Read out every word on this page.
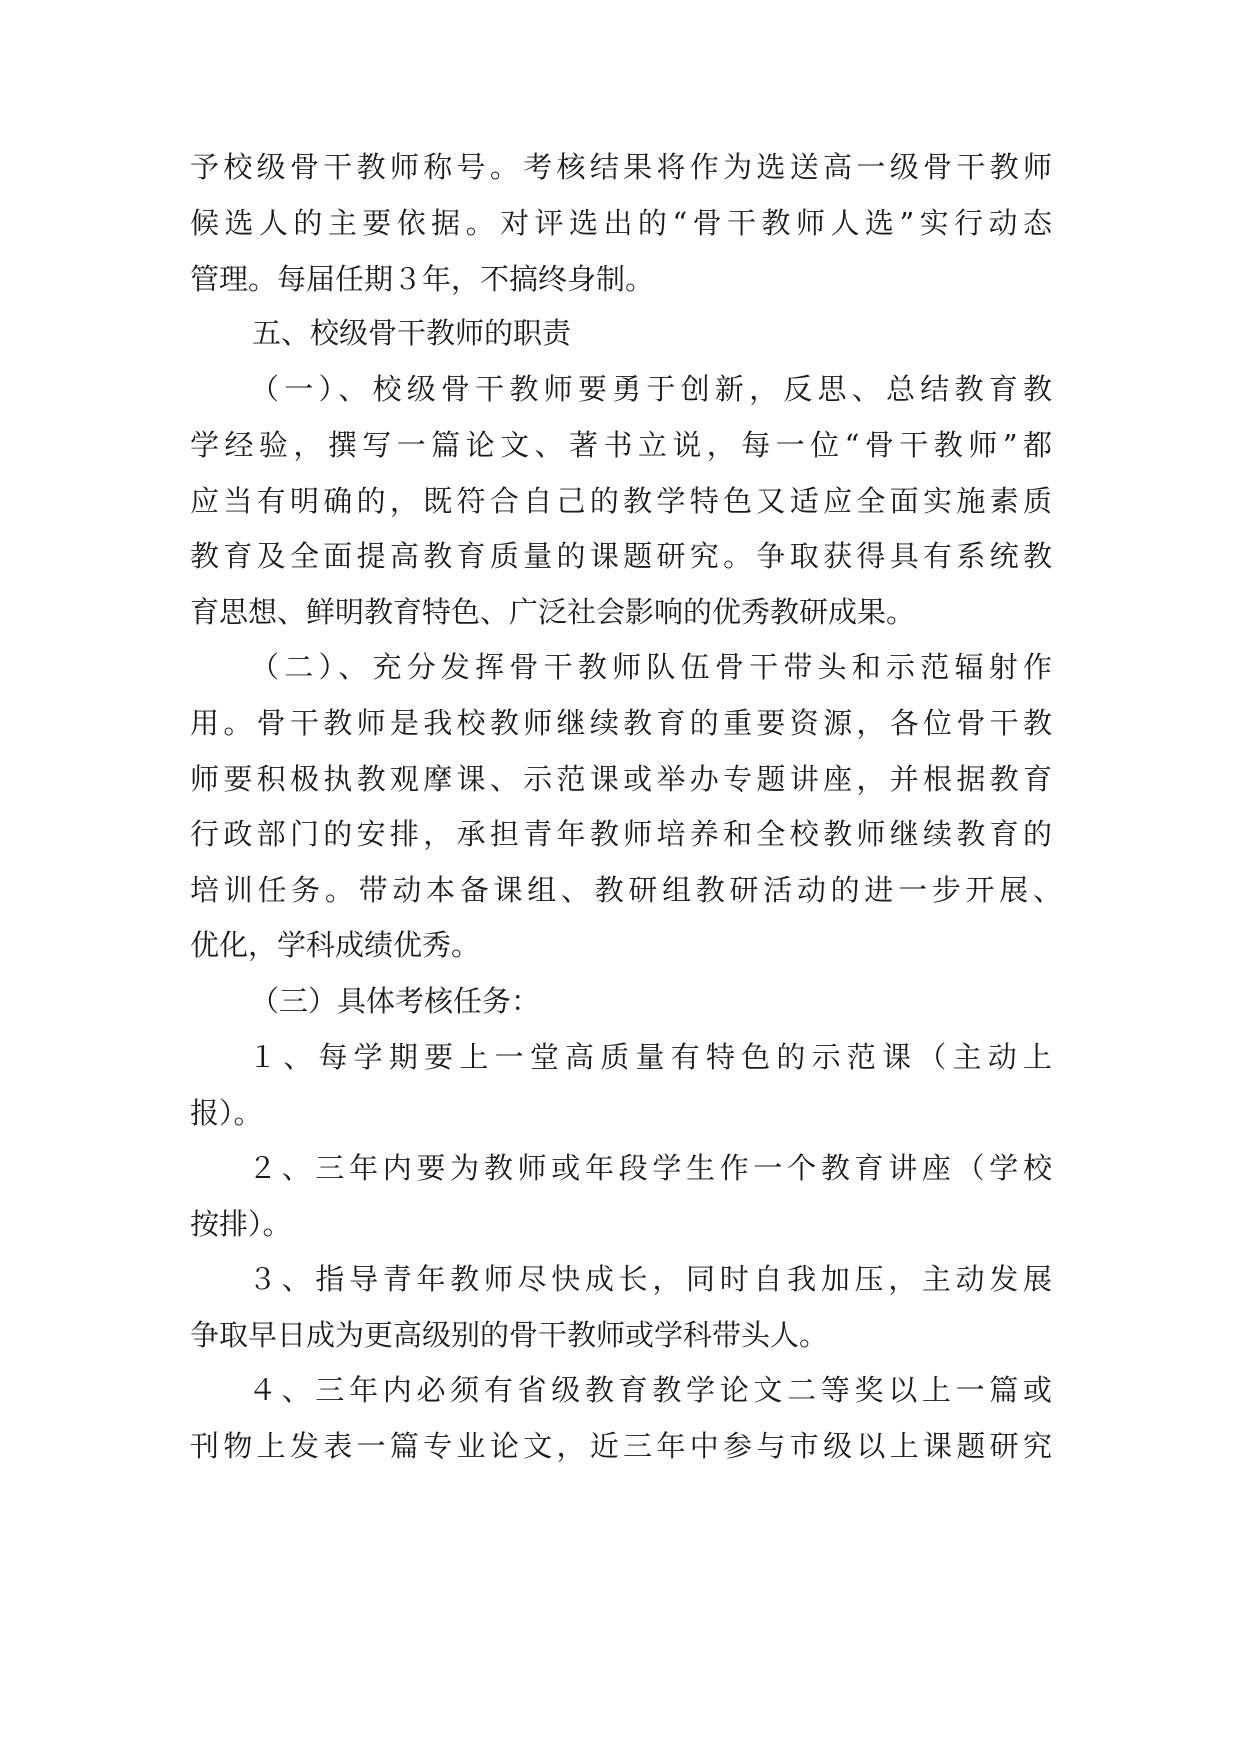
予校级骨干教师称号。考核结果将作为选送高一级骨干教师

候选人的主要依据。对评选出的“骨干教师人选”实行动态

管理。每届任期３年，不搞终身制。

五、校级骨干教师的职责

（一）、校级骨干教师要勇于创新，反思、总结教育教

学经验，撰写一篇论文、著书立说，每一位“骨干教师”都

应当有明确的，既符合自己的教学特色又适应全面实施素质

教育及全面提高教育质量的课题研究。争取获得具有系统教

育思想、鲜明教育特色、广泛社会影响的优秀教研成果。

（二）、充分发挥骨干教师队伍骨干带头和示范辐射作

用。骨干教师是我校教师继续教育的重要资源，各位骨干教

师要积极执教观摩课、示范课或举办专题讲座，并根据教育

行政部门的安排，承担青年教师培养和全校教师继续教育的

培训任务。带动本备课组、教研组教研活动的进一步开展、

优化，学科成绩优秀。

（三）具体考核任务：

１、每学期要上一堂高质量有特色的示范课（主动上

报）。

２、三年内要为教师或年段学生作一个教育讲座（学校

按排）。

３、指导青年教师尽快成长，同时自我加压，主动发展

争取早日成为更高级别的骨干教师或学科带头人。

４、三年内必须有省级教育教学论文二等奖以上一篇或

刊物上发表一篇专业论文，近三年中参与市级以上课题研究
